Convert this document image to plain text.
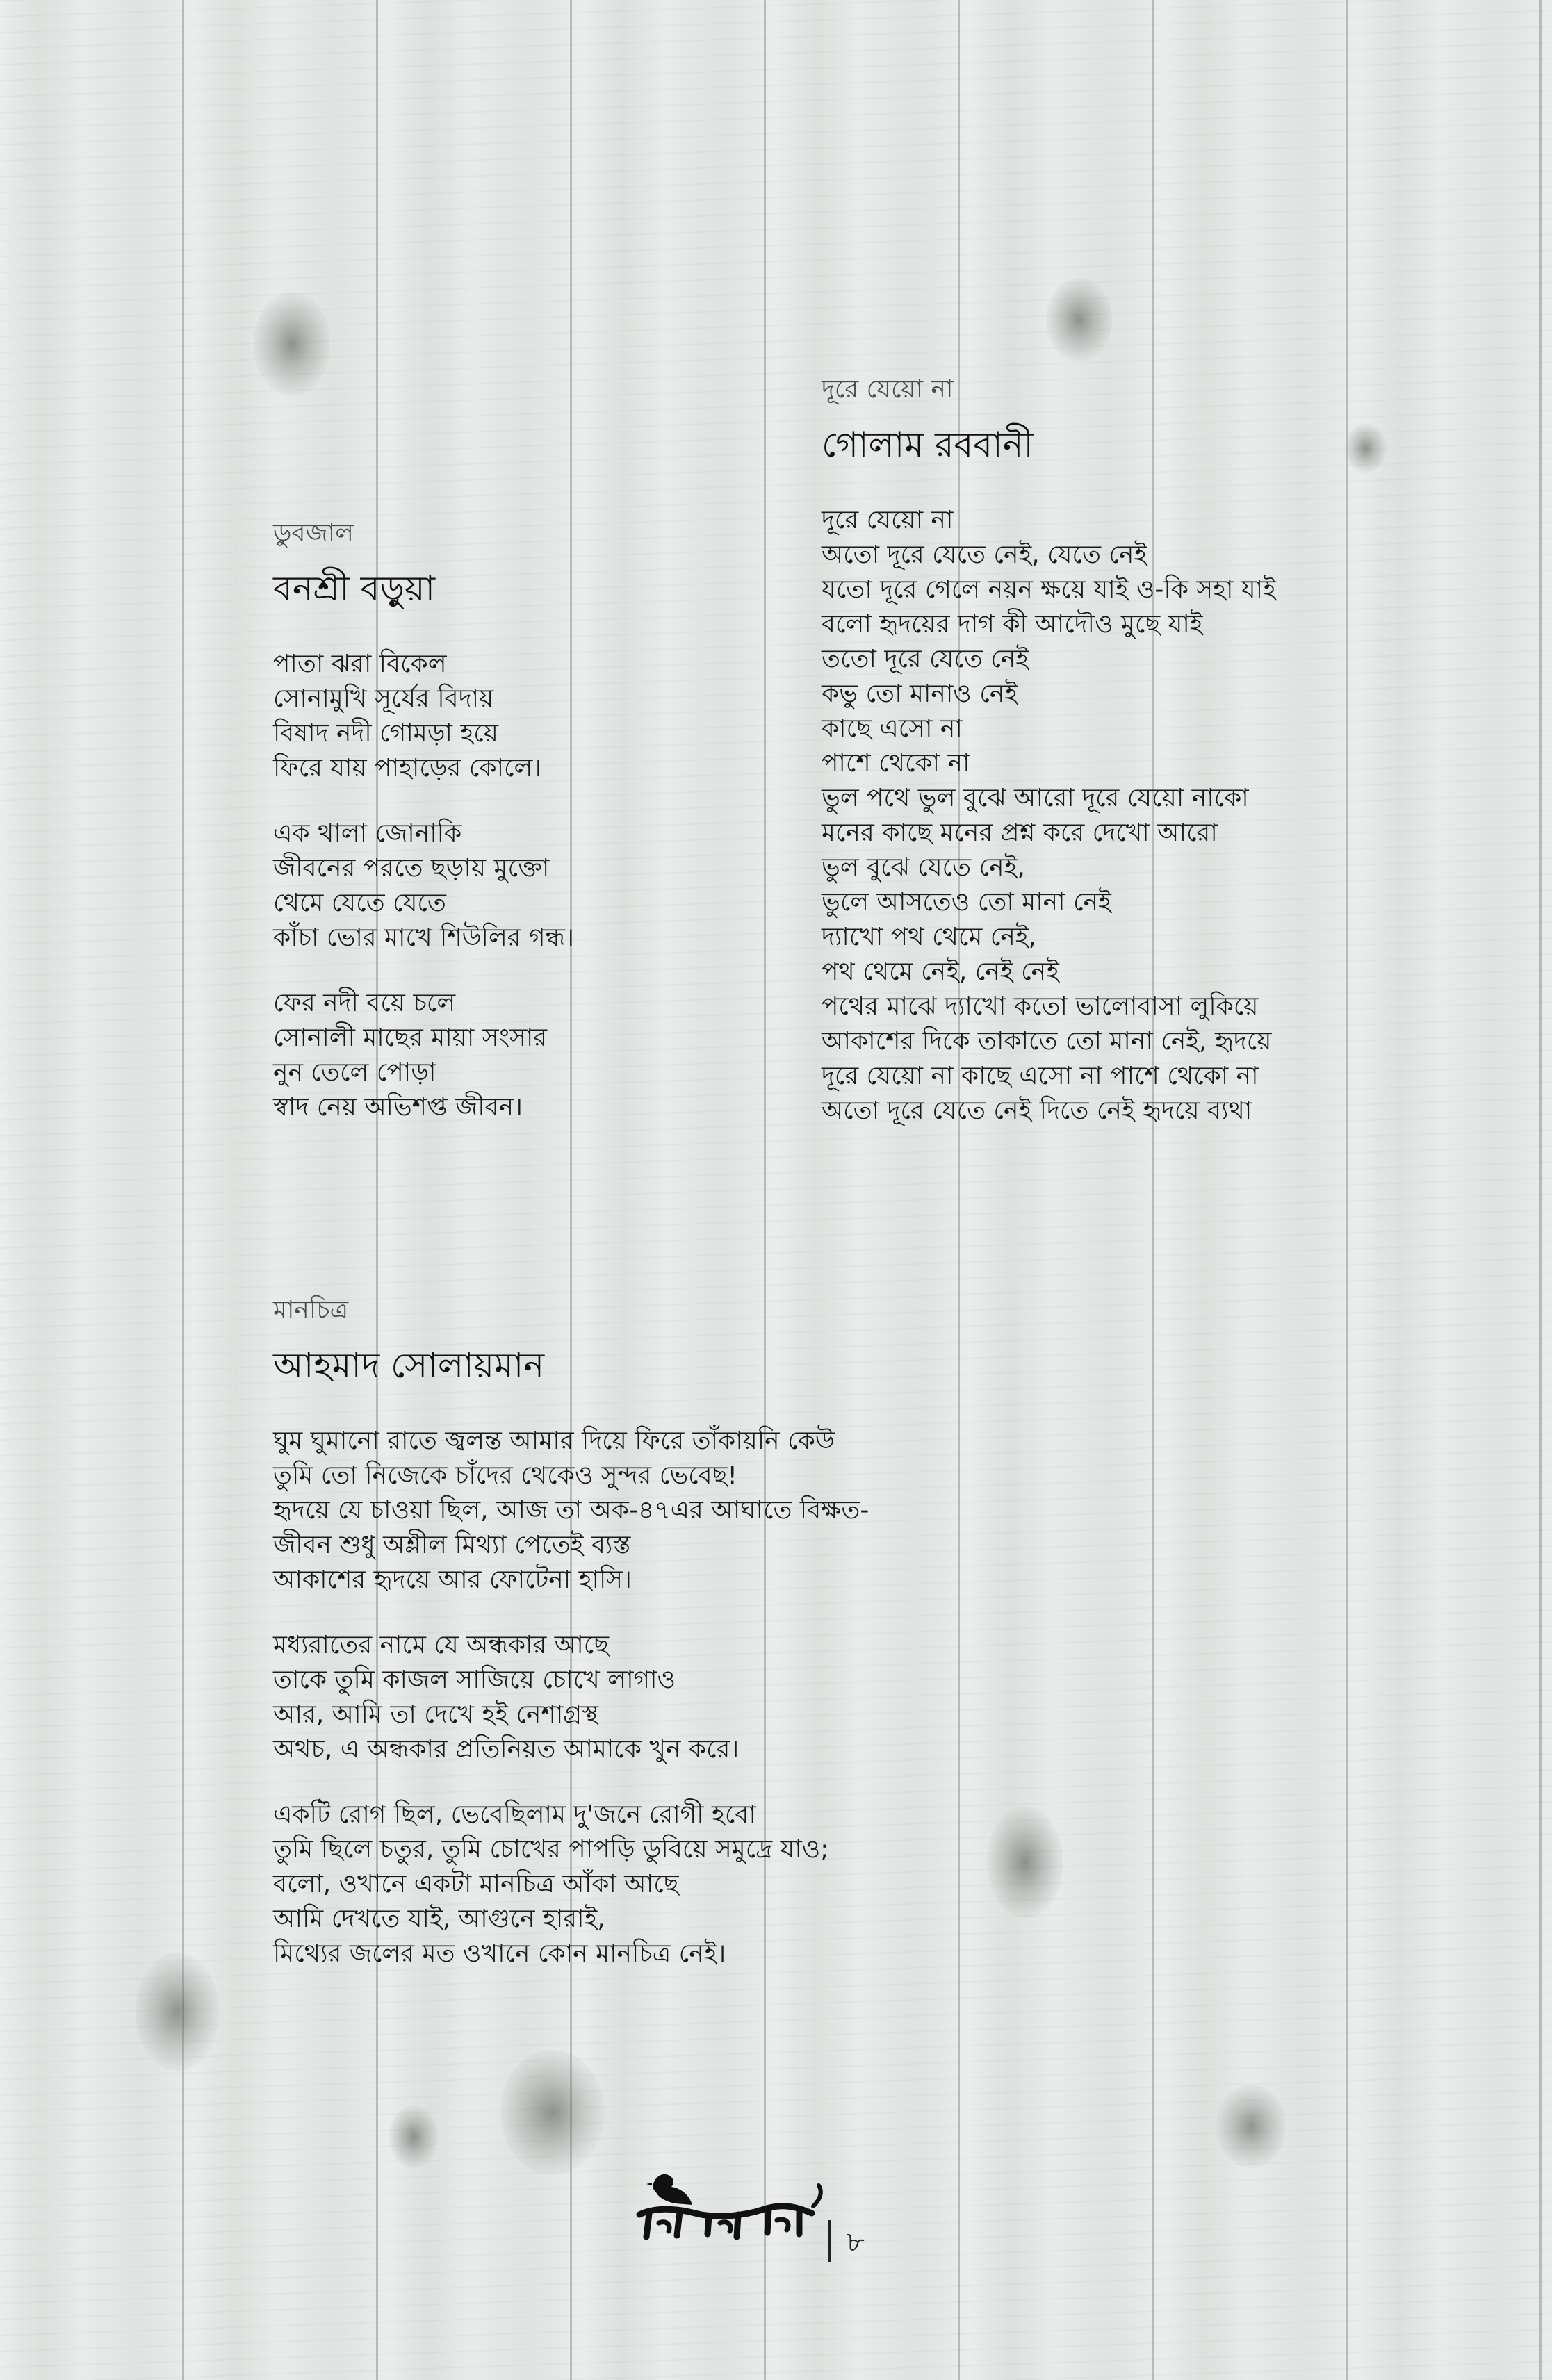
ডুবজাল
বনশ্রী বড়ুয়া
পাতা ঝরা বিকেল
সোনামুখি সূর্যের বিদায়
বিষাদ নদী গোমড়া হয়ে
ফিরে যায় পাহাড়ের কোলে।
এক থালা জোনাকি
জীবনের পরতে ছড়ায় মুক্তো
থেমে যেতে যেতে
কাঁচা ভোর মাখে শিউলির গন্ধ।
ফের নদী বয়ে চলে
সোনালী মাছের মায়া সংসার
নুন তেলে পোড়া
স্বাদ নেয় অভিশপ্ত জীবন।
দূরে যেয়ো না
গোলাম রববানী
দূরে যেয়ো না
অতো দূরে যেতে নেই, যেতে নেই
যতো দূরে গেলে নয়ন ক্ষয়ে যাই ও-কি সহা যাই
বলো হৃদয়ের দাগ কী আদৌও মুছে যাই
ততো দূরে যেতে নেই
কভু তো মানাও নেই
কাছে এসো না
পাশে থেকো না
ভুল পথে ভুল বুঝে আরো দূরে যেয়ো নাকো
মনের কাছে মনের প্রশ্ন করে দেখো আরো
ভুল বুঝে যেতে নেই,
ভুলে আসতেও তো মানা নেই
দ্যাখো পথ থেমে নেই,
পথ থেমে নেই, নেই নেই
পথের মাঝে দ্যাখো কতো ভালোবাসা লুকিয়ে
আকাশের দিকে তাকাতে তো মানা নেই, হৃদয়ে
দূরে যেয়ো না কাছে এসো না পাশে থেকো না
অতো দূরে যেতে নেই দিতে নেই হৃদয়ে ব্যথা
মানচিত্র
আহমাদ সোলায়মান
ঘুম ঘুমানো রাতে জ্বলন্ত আমার দিয়ে ফিরে তাঁকায়নি কেউ
তুমি তো নিজেকে চাঁদের থেকেও সুন্দর ভেবেছ!
হৃদয়ে যে চাওয়া ছিল, আজ তা অক-৪৭এর আঘাতে বিক্ষত-
জীবন শুধু অশ্লীল মিথ্যা পেতেই ব্যস্ত
আকাশের হৃদয়ে আর ফোটেনা হাসি।
মধ্যরাতের নামে যে অন্ধকার আছে
তাকে তুমি কাজল সাজিয়ে চোখে লাগাও
আর, আমি তা দেখে হই নেশাগ্রস্থ
অথচ, এ অন্ধকার প্রতিনিয়ত আমাকে খুন করে।
একটি রোগ ছিল, ভেবেছিলাম দু'জনে রোগী হবো
তুমি ছিলে চতুর, তুমি চোখের পাপড়ি ডুবিয়ে সমুদ্রে যাও;
বলো, ওখানে একটা মানচিত্র আঁকা আছে
আমি দেখতে যাই, আগুনে হারাই,
মিথ্যের জলের মত ওখানে কোন মানচিত্র নেই।
৮
